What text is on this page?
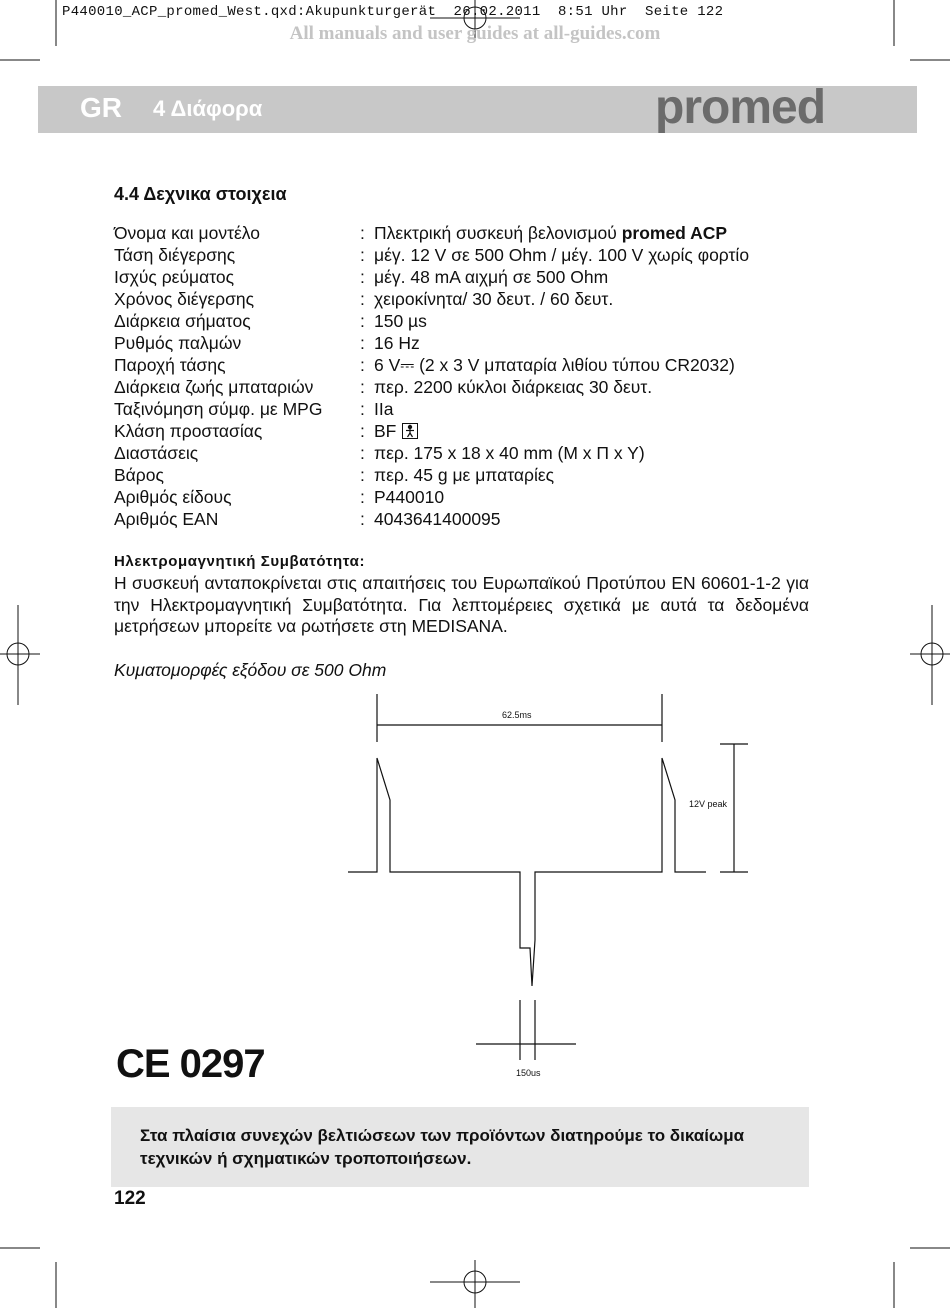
P440010_ACP_promed_West.qxd:Akupunkturgerät  26.02.2011  8:51 Uhr  Seite 122
All manuals and user guides at all-guides.com
GR 4 Διάφορα	promed
4.4 Δεχνικα στοιχεια
Όνομα και μοντέλο	: Πλεκτρική συσκευή βελονισμού promed ACP
Τάση διέγερσης	: μέγ. 12 V σε 500 Ohm / μέγ. 100 V χωρίς φορτίο
Ισχύς ρεύματος	: μέγ. 48 mA αιχμή σε 500 Ohm
Χρόνος διέγερσης	: χειροκίνητα/ 30 δευτ. / 60 δευτ.
Διάρκεια σήματος	: 150 µs
Ρυθμός παλμών	: 16 Hz
Παροχή τάσης	: 6 V⎓ (2 x 3 V μπαταρία λιθίου τύπου CR2032)
Διάρκεια ζωής μπαταριών	: περ. 2200 κύκλοι διάρκειας 30 δευτ.
Ταξινόμηση σύμφ. με MPG	: IIa
Κλάση προστασίας	: BF
Διαστάσεις	: περ. 175 x 18 x 40 mm (M x Π x Y)
Βάρος	: περ. 45 g με μπαταρίες
Αριθμός είδους	: P440010
Αριθμός EAN	: 4043641400095
Ηλεκτρομαγνητική Συμβατότητα:
Η συσκευή ανταποκρίνεται στις απαιτήσεις του Ευρωπαϊκού Προτύπου EN 60601-1-2 για την Ηλεκτρομαγνητική Συμβατότητα. Για λεπτομέρειες σχετικά με αυτά τα δεδομένα μετρήσεων μπορείτε να ρωτήσετε στη MEDISANA.
Κυματομορφές εξόδου σε 500 Ohm
62.5ms
12V peak
150us
CE 0297
Στα πλαίσια συνεχών βελτιώσεων των προϊόντων διατηρούμε το δικαίωμα τεχνικών ή σχηματικών τροποποιήσεων.
122
